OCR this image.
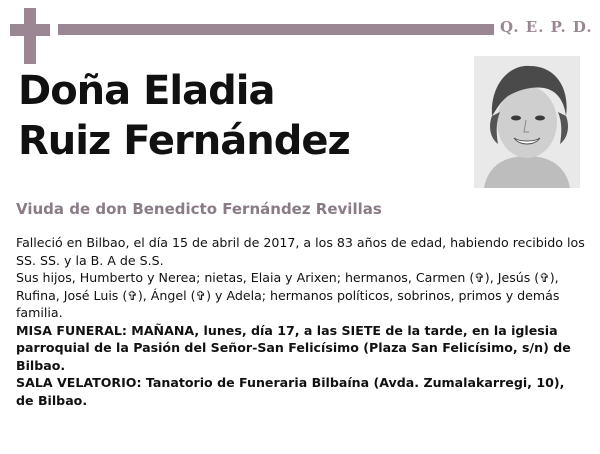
Q. E. P. D.
Doña Eladia
Ruiz Fernández
Viuda de don Benedicto Fernández Revillas

Falleció en Bilbao, el día 15 de abril de 2017, a los 83 años de edad, habiendo recibido los SS. SS. y la B. A de S.S.

Sus hijos, Humberto y Nerea; nietas, Elaia y Arixen; hermanos, Carmen (✞), Jesús (✞), Rufina, José Luis (✞), Ángel (✞) y Adela; hermanos políticos, sobrinos, primos y demás familia.

MISA FUNERAL: MAÑANA, lunes, día 17, a las SIETE de la tarde, en la iglesia parroquial de la Pasión del Señor-San Felicísimo (Plaza San Felicísimo, s/n) de Bilbao.

SALA VELATORIO: Tanatorio de Funeraria Bilbaína (Avda. Zumalakarregi, 10), de Bilbao.
